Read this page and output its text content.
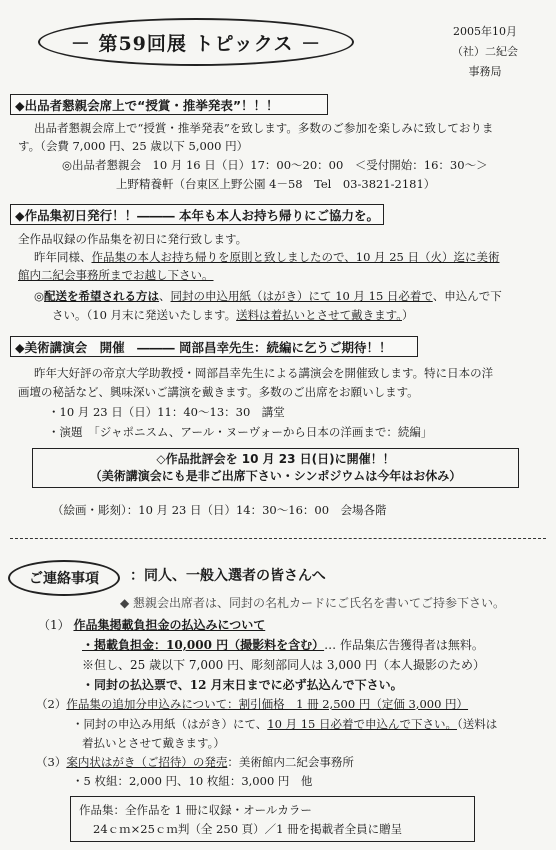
－ 第59回展 トピックス －
2005年10月
（社）二紀会
事務局
◆出品者懇親会席上で“授賞・推挙発表”！！！
出品者懇親会席上で“授賞・推挙発表”を致します。多数のご参加を楽しみに致しておりま
す。（会費 7,000 円、25 歳以下 5,000 円）
◎出品者懇親会　10 月 16 日（日）17：00～20：00　＜受付開始：16：30～＞
上野精養軒（台東区上野公園 4－58　Tel　03-3821-2181）
◆作品集初日発行！！――― 本年も本人お持ち帰りにご協力を。
全作品収録の作品集を初日に発行致します。
昨年同様、作品集の本人お持ち帰りを原則と致しましたので、10 月 25 日（火）迄に美術
館内二紀会事務所までお越し下さい。
◎配送を希望される方は、同封の申込用紙（はがき）にて 10 月 15 日必着で、申込んで下
さい。（10 月末に発送いたします。送料は着払いとさせて戴きます。）
◆美術講演会　開催　――― 岡部昌幸先生：続編に乞うご期待！！
昨年大好評の帝京大学助教授・岡部昌幸先生による講演会を開催致します。特に日本の洋
画壇の秘話など、興味深いご講演を戴きます。多数のご出席をお願いします。
・10 月 23 日（日）11：40～13：30　講堂
・演題　「ジャポニスム、アール・ヌーヴォーから日本の洋画まで：続編」
◇作品批評会を 10 月 23 日(日)に開催！！
（美術講演会にも是非ご出席下さい・シンポジウムは今年はお休み）
（絵画・彫刻）：10 月 23 日（日）14：30～16：00　会場各階
ご連絡事項	：同人、一般入選者の皆さんへ
◆ 懇親会出席者は、同封の名札カードにご氏名を書いてご持参下さい。
（1） 作品集掲載負担金の払込みについて
・掲載負担金：10,000 円（撮影料を含む）… 作品集広告獲得者は無料。
※但し、25 歳以下 7,000 円、彫刻部同人は 3,000 円（本人撮影のため）
・同封の払込票で、12 月末日までに必ず払込んで下さい。
（2）作品集の追加分申込みについて：割引価格　1 冊 2,500 円（定価 3,000 円）
・同封の申込み用紙（はがき）にて、10 月 15 日必着で申込んで下さい。（送料は
着払いとさせて戴きます。）
（3）案内状はがき（ご招待）の発売：美術館内二紀会事務所
・5 枚組：2,000 円、10 枚組：3,000 円　他
作品集：全作品を 1 冊に収録・オールカラー
24ｃｍ×25ｃｍ判（全 250 頁）／1 冊を掲載者全員に贈呈
